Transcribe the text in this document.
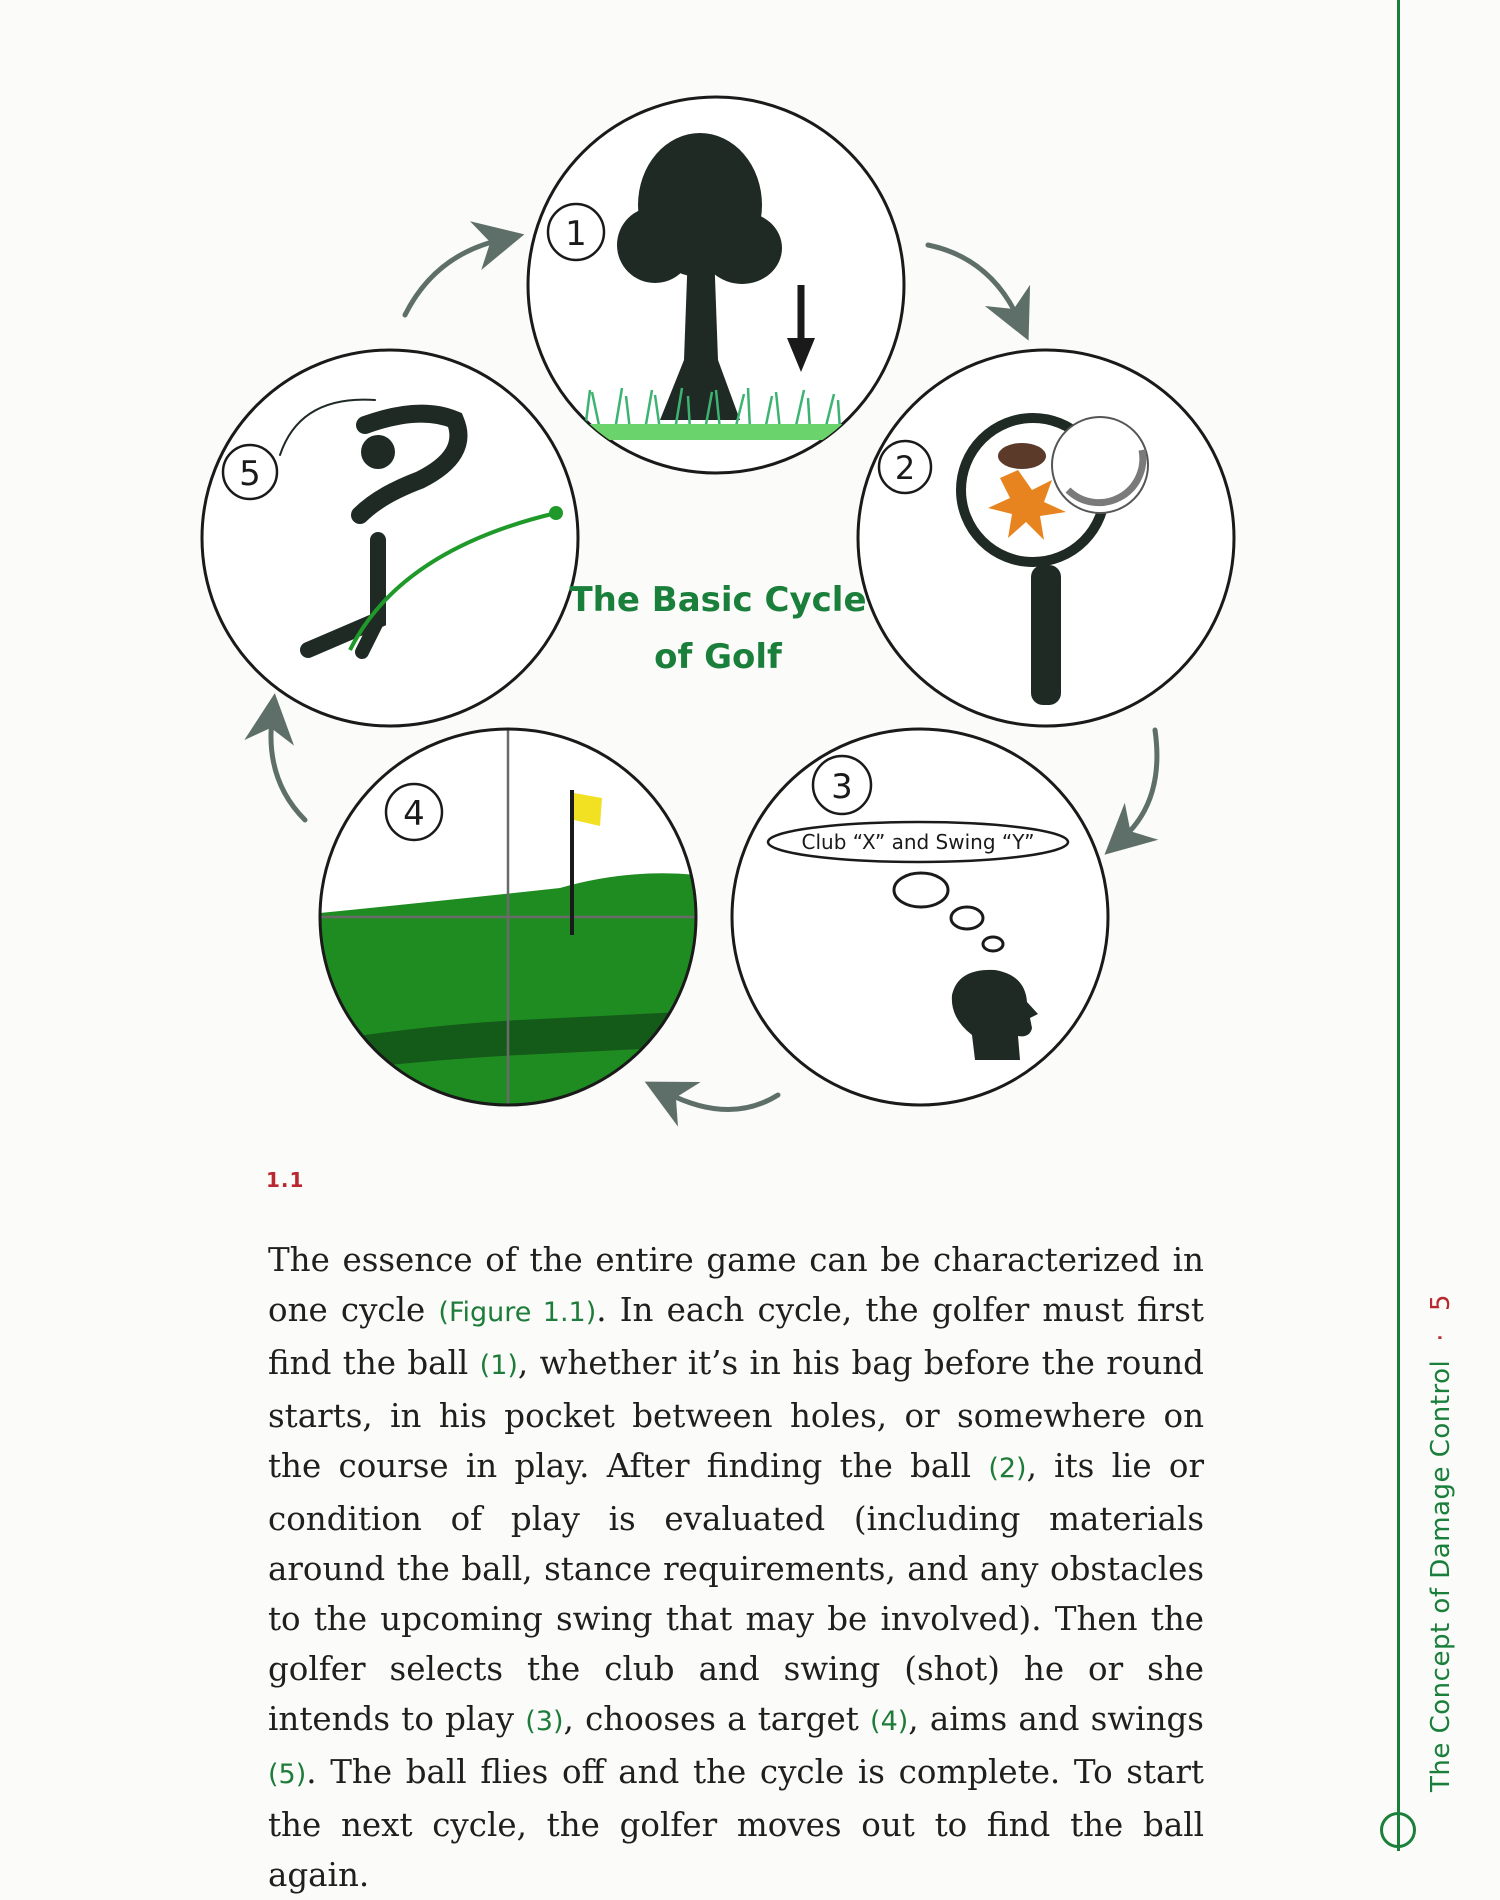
1
2
3
Club “X” and Swing “Y”
4
5
The Basic Cycle
of Golf
1.1

The essence of the entire game can be characterized in one cycle (Figure 1.1). In each cycle, the golfer must first find the ball (1), whether it’s in his bag before the round starts, in his pocket between holes, or somewhere on the course in play. After finding the ball (2), its lie or condition of play is evaluated (including materials around the ball, stance requirements, and any obstacles to the upcoming swing that may be involved). Then the golfer selects the club and swing (shot) he or she intends to play (3), chooses a target (4), aims and swings (5). The ball flies off and the cycle is complete. To start the next cycle, the golfer moves out to find the ball again.

The Concept of Damage Control·5
